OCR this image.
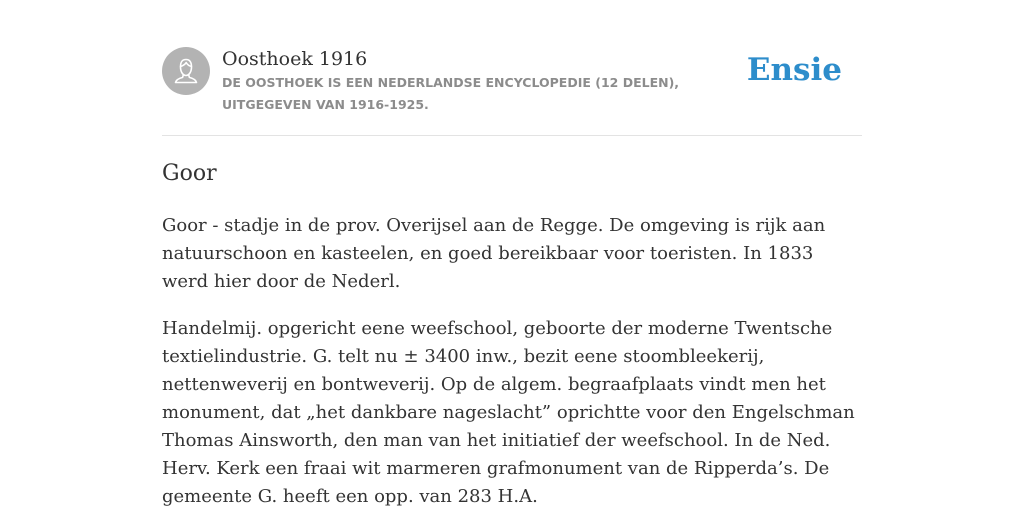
Oosthoek 1916
DE OOSTHOEK IS EEN NEDERLANDSE ENCYCLOPEDIE (12 DELEN), UITGEGEVEN VAN 1916-1925.
Ensie
Goor

Goor - stadje in de prov. Overijsel aan de Regge. De omgeving is rijk aan natuurschoon en kasteelen, en goed bereikbaar voor toeristen. In 1833 werd hier door de Nederl.

Handelmij. opgericht eene weefschool, geboorte der moderne Twentsche textielindustrie. G. telt nu ± 3400 inw., bezit eene stoombleekerij, nettenweverij en bontweverij. Op de algem. begraafplaats vindt men het monument, dat „het dankbare nageslacht” oprichtte voor den Engelschman Thomas Ainsworth, den man van het initiatief der weefschool. In de Ned. Herv. Kerk een fraai wit marmeren grafmonument van de Ripperda’s. De gemeente G. heeft een opp. van 283 H.A.
